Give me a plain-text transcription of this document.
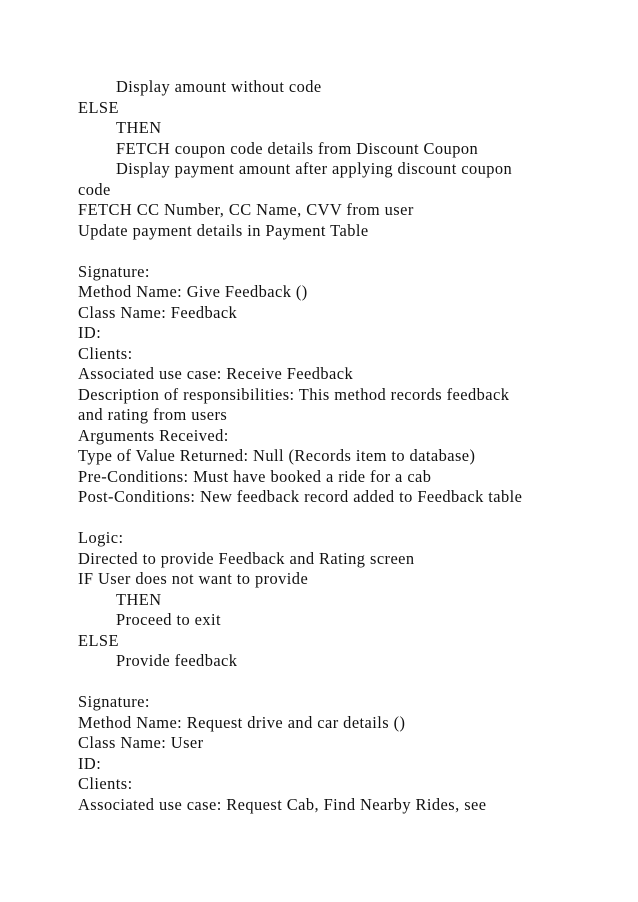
Display amount without code
ELSE
THEN
FETCH coupon code details from Discount Coupon
Display payment amount after applying discount coupon
code
FETCH CC Number, CC Name, CVV from user
Update payment details in Payment Table
Signature:
Method Name: Give Feedback ()
Class Name: Feedback
ID:
Clients:
Associated use case: Receive Feedback
Description of responsibilities: This method records feedback
and rating from users
Arguments Received:
Type of Value Returned: Null (Records item to database)
Pre-Conditions: Must have booked a ride for a cab
Post-Conditions: New feedback record added to Feedback table
Logic:
Directed to provide Feedback and Rating screen
IF User does not want to provide
THEN
Proceed to exit
ELSE
Provide feedback
Signature:
Method Name: Request drive and car details ()
Class Name: User
ID:
Clients:
Associated use case: Request Cab, Find Nearby Rides, see
